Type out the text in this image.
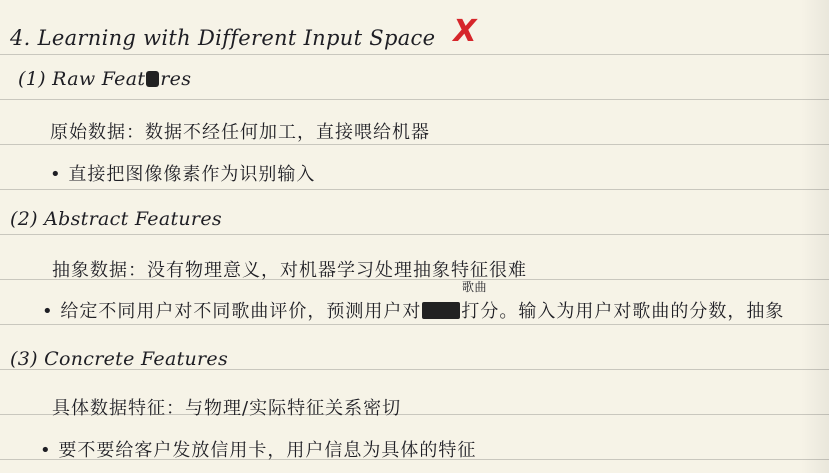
4. Learning with Different Input Space X
(1) Raw Feat res
原始数据：数据不经任何加工，直接喂给机器
• 直接把图像像素作为识别输入
(2) Abstract Features
抽象数据：没有物理意义，对机器学习处理抽象特征很难
歌曲
• 给定不同用户对不同歌曲评价，预测用户对 打分。输入为用户对歌曲的分数，抽象
(3) Concrete Features
具体数据特征：与物理/实际特征关系密切
• 要不要给客户发放信用卡，用户信息为具体的特征
